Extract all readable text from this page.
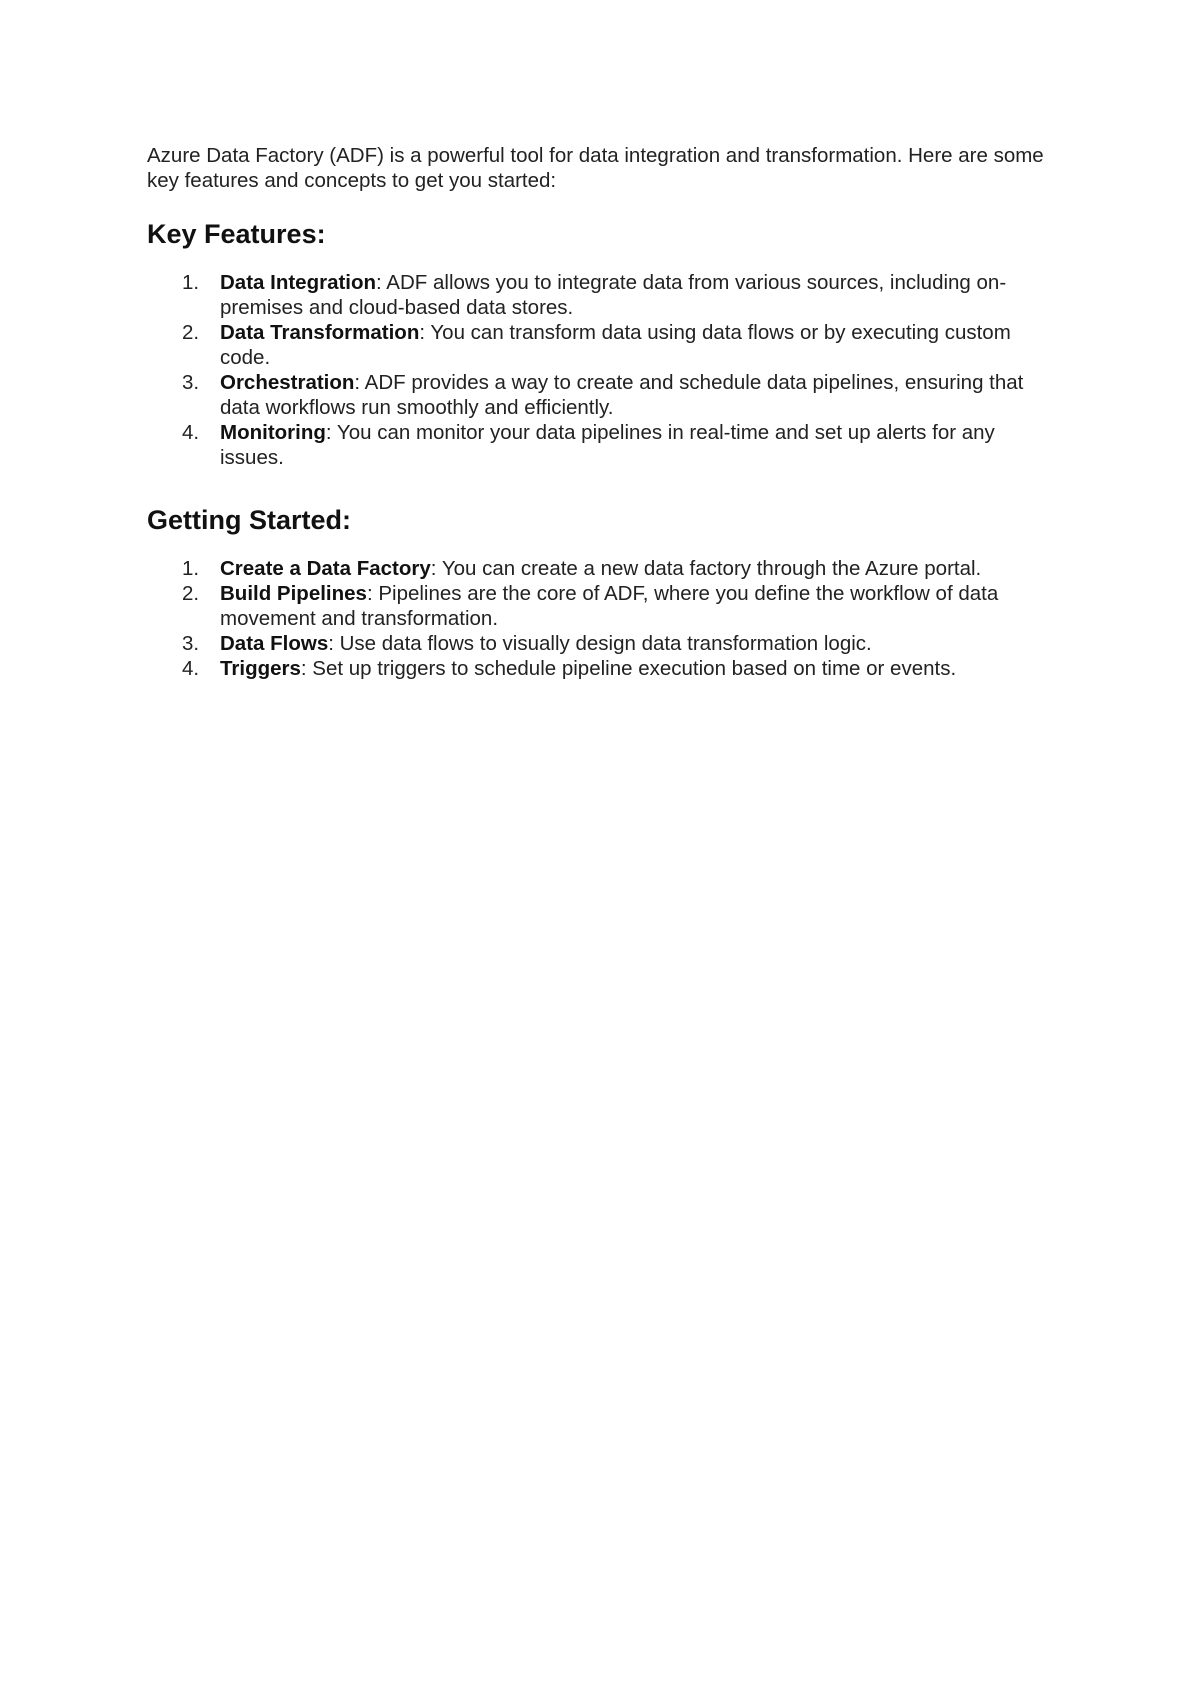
Azure Data Factory (ADF) is a powerful tool for data integration and transformation. Here are some key features and concepts to get you started:

Key Features:
1. Data Integration: ADF allows you to integrate data from various sources, including on-premises and cloud-based data stores.
2. Data Transformation: You can transform data using data flows or by executing custom code.
3. Orchestration: ADF provides a way to create and schedule data pipelines, ensuring that data workflows run smoothly and efficiently.
4. Monitoring: You can monitor your data pipelines in real-time and set up alerts for any issues.
Getting Started:
1. Create a Data Factory: You can create a new data factory through the Azure portal.
2. Build Pipelines: Pipelines are the core of ADF, where you define the workflow of data movement and transformation.
3. Data Flows: Use data flows to visually design data transformation logic.
4. Triggers: Set up triggers to schedule pipeline execution based on time or events.
